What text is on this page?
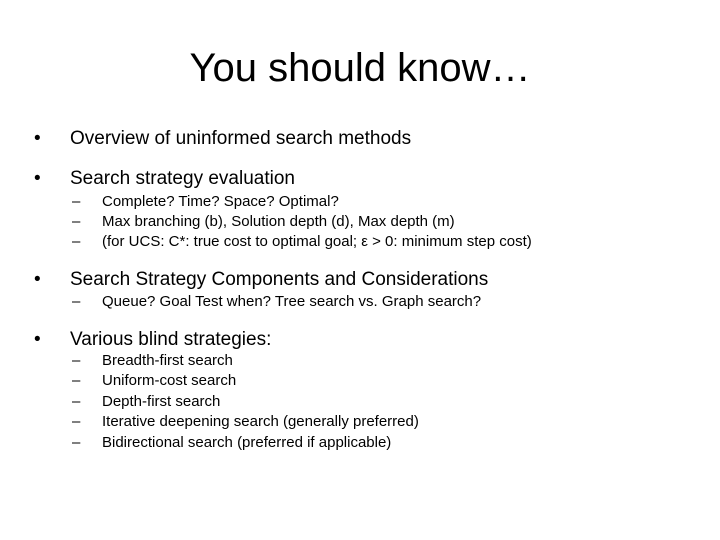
You should know…
• Overview of uninformed search methods
• Search strategy evaluation
– Complete? Time? Space? Optimal?
– Max branching (b), Solution depth (d), Max depth (m)
– (for UCS: C*: true cost to optimal goal; ε > 0: minimum step cost)
• Search Strategy Components and Considerations
– Queue? Goal Test when? Tree search vs. Graph search?
• Various blind strategies:
– Breadth-first search
– Uniform-cost search
– Depth-first search
– Iterative deepening search (generally preferred)
– Bidirectional search (preferred if applicable)
